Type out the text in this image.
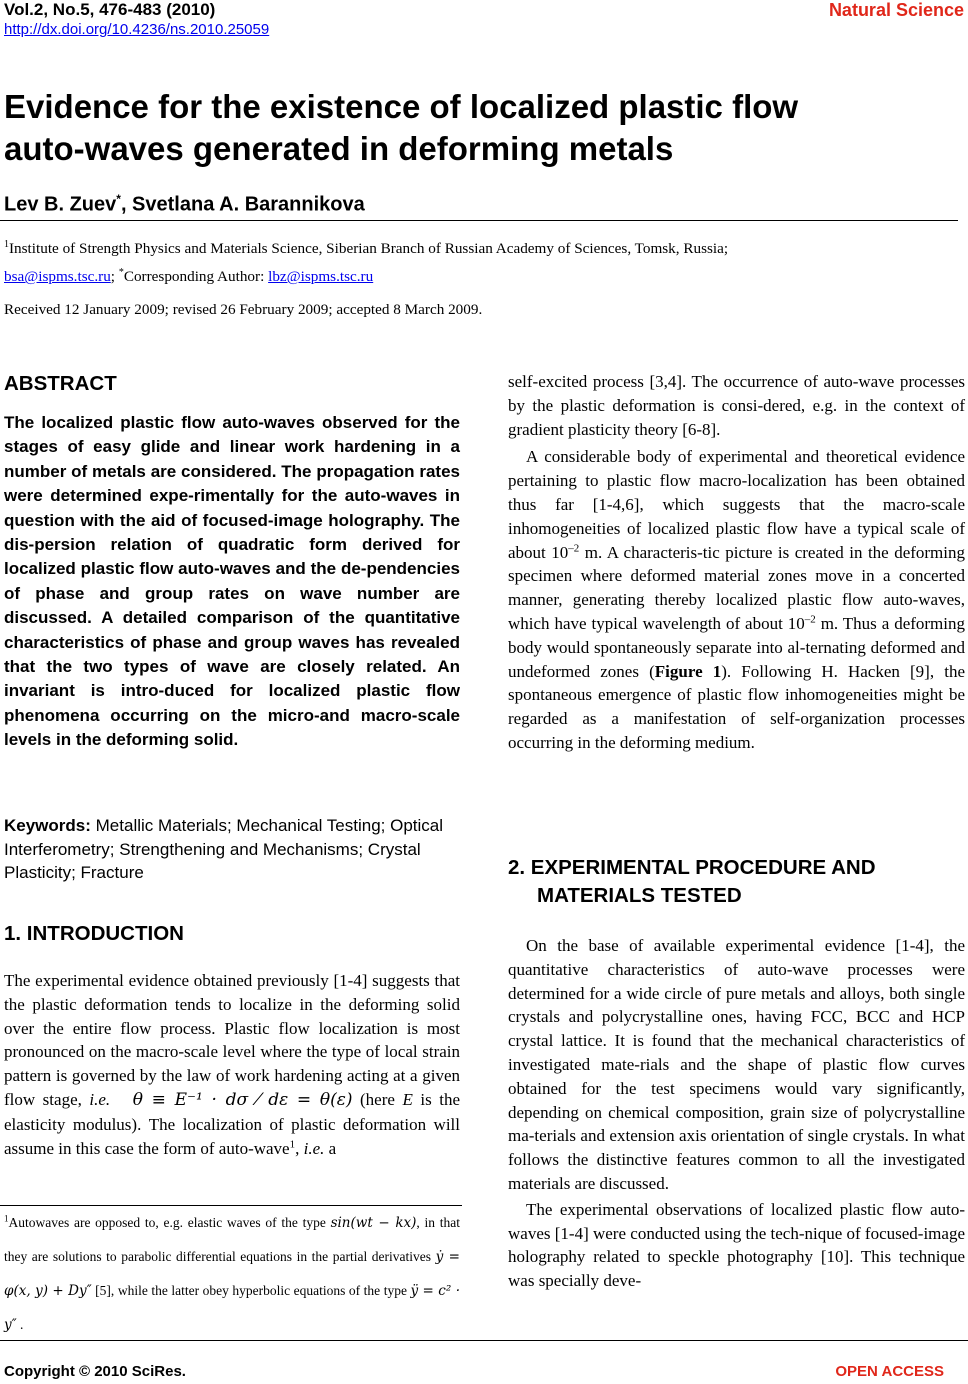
Vol.2, No.5, 476-483 (2010)
http://dx.doi.org/10.4236/ns.2010.25059
Natural Science
Evidence for the existence of localized plastic flow
auto-waves generated in deforming metals
Lev B. Zuev*, Svetlana A. Barannikova
$^1$Institute of Strength Physics and Materials Science, Siberian Branch of Russian Academy of Sciences, Tomsk, Russia;
bsa@ispms.tsc.ru; *Corresponding Author: lbz@ispms.tsc.ru
Received 12 January 2009; revised 26 February 2009; accepted 8 March 2009.
ABSTRACT
The localized plastic flow auto-waves observed for the stages of easy glide and linear work hardening in a number of metals are considered. The propagation rates were determined expe-rimentally for the auto-waves in question with the aid of focused-image holography. The dis-persion relation of quadratic form derived for localized plastic flow auto-waves and the de-pendencies of phase and group rates on wave number are discussed. A detailed comparison of the quantitative characteristics of phase and group waves has revealed that the two types of wave are closely related. An invariant is intro-duced for localized plastic flow phenomena occurring on the micro-and macro-scale levels in the deforming solid.
Keywords: Metallic Materials; Mechanical Testing; Optical Interferometry; Strengthening and Mechanisms; Crystal Plasticity; Fracture
1. INTRODUCTION

The experimental evidence obtained previously [1-4] suggests that the plastic deformation tends to localize in the deforming solid over the entire flow process. Plastic flow localization is most pronounced on the macro-scale level where the type of local strain pattern is governed by the law of work hardening acting at a given flow stage, i.e. θ ≡ E⁻¹ · dσ ⁄ dε = θ(ε) (here E is the elasticity modulus). The localization of plastic deformation will assume in this case the form of auto-wave$^1$, i.e. a

$^1$Autowaves are opposed to, e.g. elastic waves of the type sin(wt − kx), in that they are solutions to parabolic differential equations in the partial derivatives ẏ = φ(x, y) + Dy″ [5], while the latter obey hyperbolic equations of the type ÿ = c² · y″ .

self-excited process [3,4]. The occurrence of auto-wave processes by the plastic deformation is consi-dered, e.g. in the context of gradient plasticity theory [6-8].

A considerable body of experimental and theoretical evidence pertaining to plastic flow macro-localization has been obtained thus far [1-4,6], which suggests that the macro-scale inhomogeneities of localized plastic flow have a typical scale of about $10^{-2}$ m. A characteris-tic picture is created in the deforming specimen where deformed material zones move in a concerted manner, generating thereby localized plastic flow auto-waves, which have typical wavelength of about $10^{-2}$ m. Thus a deforming body would spontaneously separate into al-ternating deformed and undeformed zones (Figure 1). Following H. Hacken [9], the spontaneous emergence of plastic flow inhomogeneities might be regarded as a manifestation of self-organization processes occurring in the deforming medium.

2. EXPERIMENTAL PROCEDURE AND
MATERIALS TESTED

On the base of available experimental evidence [1-4], the quantitative characteristics of auto-wave processes were determined for a wide circle of pure metals and alloys, both single crystals and polycrystalline ones, having FCC, BCC and HCP crystal lattice. It is found that the mechanical characteristics of investigated mate-rials and the shape of plastic flow curves obtained for the test specimens would vary significantly, depending on chemical composition, grain size of polycrystalline ma-terials and extension axis orientation of single crystals. In what follows the distinctive features common to all the investigated materials are discussed.

The experimental observations of localized plastic flow auto-waves [1-4] were conducted using the tech-nique of focused-image holography related to speckle photography [10]. This technique was specially deve-

Copyright © 2010 SciRes.	OPEN ACCESS
